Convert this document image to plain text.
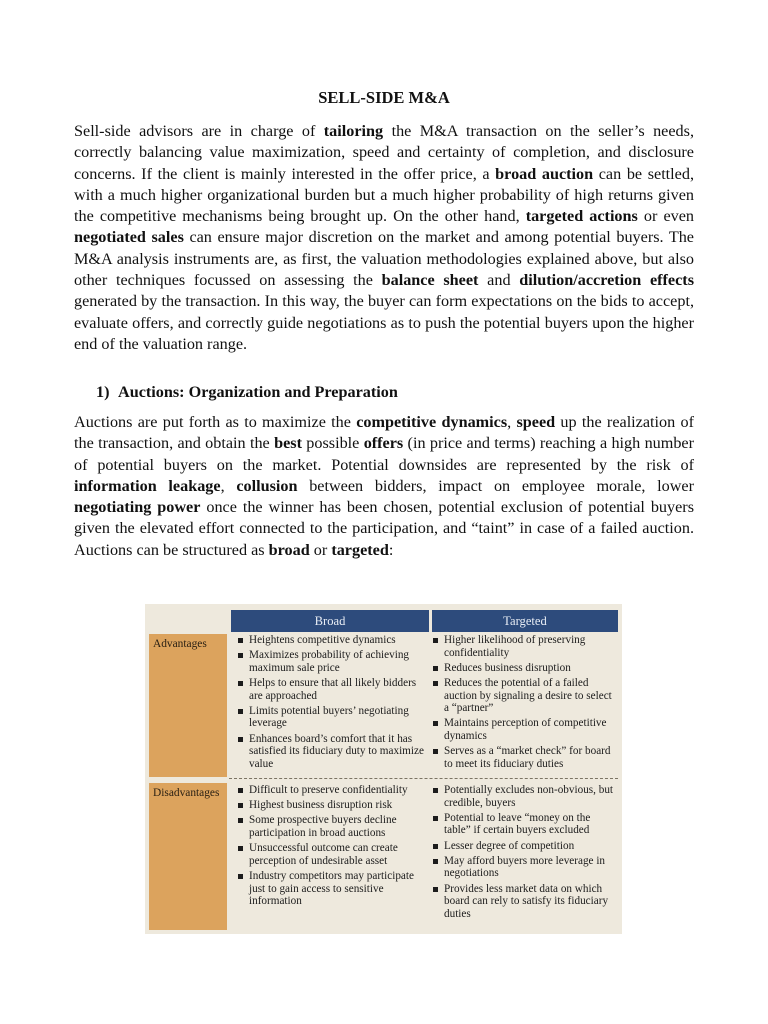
SELL-SIDE M&A

Sell-side advisors are in charge of tailoring the M&A transaction on the seller’s needs, correctly balancing value maximization, speed and certainty of completion, and disclosure concerns. If the client is mainly interested in the offer price, a broad auction can be settled, with a much higher organizational burden but a much higher probability of high returns given the competitive mechanisms being brought up. On the other hand, targeted actions or even negotiated sales can ensure major discretion on the market and among potential buyers. The M&A analysis instruments are, as first, the valuation methodologies explained above, but also other techniques focussed on assessing the balance sheet and dilution/accretion effects generated by the transaction. In this way, the buyer can form expectations on the bids to accept, evaluate offers, and correctly guide negotiations as to push the potential buyers upon the higher end of the valuation range.

1) Auctions: Organization and Preparation

Auctions are put forth as to maximize the competitive dynamics, speed up the realization of the transaction, and obtain the best possible offers (in price and terms) reaching a high number of potential buyers on the market. Potential downsides are represented by the risk of information leakage, collusion between bidders, impact on employee morale, lower negotiating power once the winner has been chosen, potential exclusion of potential buyers given the elevated effort connected to the participation, and “taint” in case of a failed auction. Auctions can be structured as broad or targeted:

Broad	Targeted
Advantages
Disadvantages
Heightens competitive dynamics
Maximizes probability of achieving maximum sale price
Helps to ensure that all likely bidders are approached
Limits potential buyers’ negotiating leverage
Enhances board’s comfort that it has satisfied its fiduciary duty to maximize value
Higher likelihood of preserving confidentiality
Reduces business disruption
Reduces the potential of a failed auction by signaling a desire to select a “partner”
Maintains perception of competitive dynamics
Serves as a “market check” for board to meet its fiduciary duties
Difficult to preserve confidentiality
Highest business disruption risk
Some prospective buyers decline participation in broad auctions
Unsuccessful outcome can create perception of undesirable asset
Industry competitors may participate just to gain access to sensitive information
Potentially excludes non-obvious, but credible, buyers
Potential to leave “money on the table” if certain buyers excluded
Lesser degree of competition
May afford buyers more leverage in negotiations
Provides less market data on which board can rely to satisfy its fiduciary duties
